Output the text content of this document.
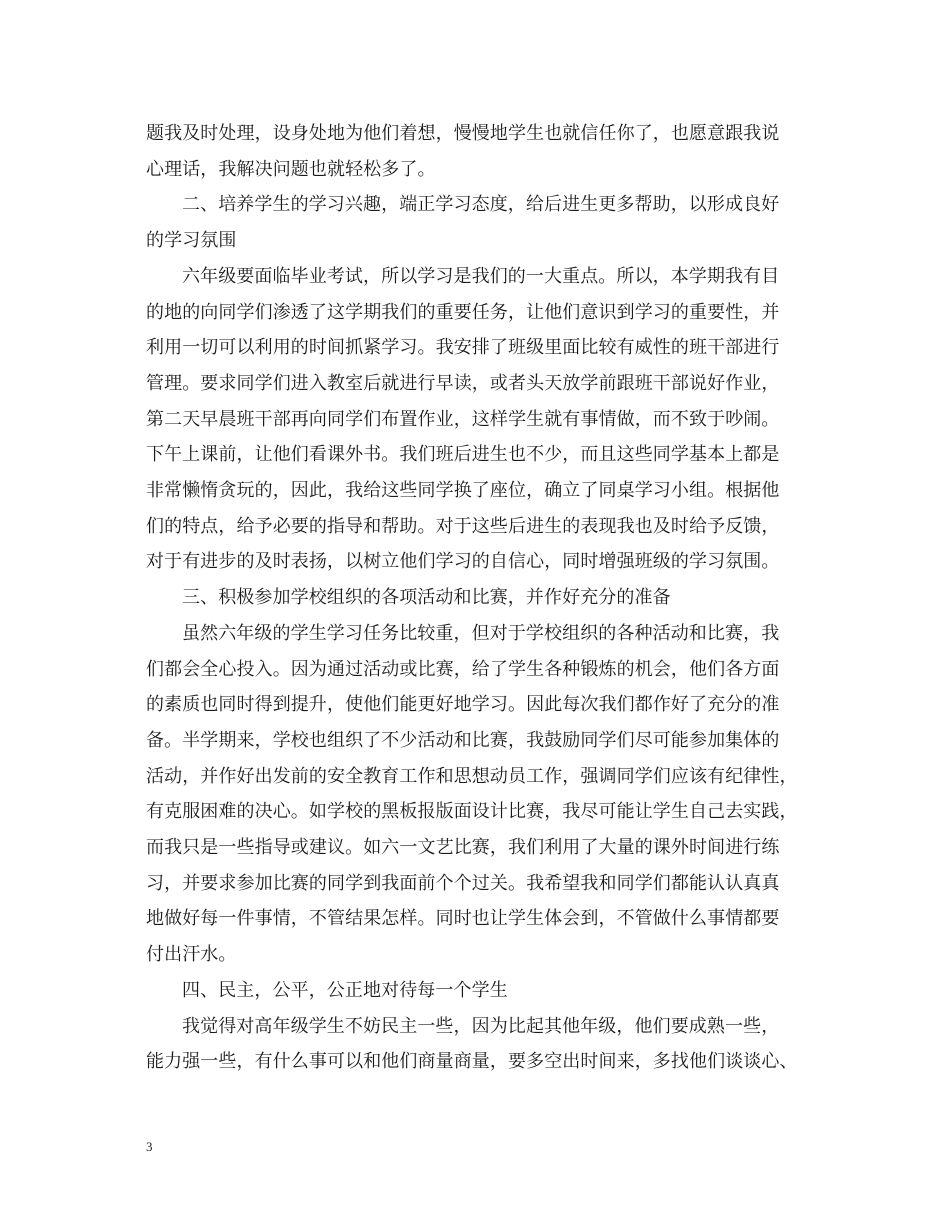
题我及时处理，设身处地为他们着想，慢慢地学生也就信任你了，也愿意跟我说
心理话，我解决问题也就轻松多了。
二、培养学生的学习兴趣，端正学习态度，给后进生更多帮助，以形成良好
的学习氛围
六年级要面临毕业考试，所以学习是我们的一大重点。所以，本学期我有目
的地的向同学们渗透了这学期我们的重要任务，让他们意识到学习的重要性，并
利用一切可以利用的时间抓紧学习。我安排了班级里面比较有威性的班干部进行
管理。要求同学们进入教室后就进行早读，或者头天放学前跟班干部说好作业，
第二天早晨班干部再向同学们布置作业，这样学生就有事情做，而不致于吵闹。
下午上课前，让他们看课外书。我们班后进生也不少，而且这些同学基本上都是
非常懒惰贪玩的，因此，我给这些同学换了座位，确立了同桌学习小组。根据他
们的特点，给予必要的指导和帮助。对于这些后进生的表现我也及时给予反馈，
对于有进步的及时表扬，以树立他们学习的自信心，同时增强班级的学习氛围。
三、积极参加学校组织的各项活动和比赛，并作好充分的准备
虽然六年级的学生学习任务比较重，但对于学校组织的各种活动和比赛，我
们都会全心投入。因为通过活动或比赛，给了学生各种锻炼的机会，他们各方面
的素质也同时得到提升，使他们能更好地学习。因此每次我们都作好了充分的准
备。半学期来，学校也组织了不少活动和比赛，我鼓励同学们尽可能参加集体的
活动，并作好出发前的安全教育工作和思想动员工作，强调同学们应该有纪律性，
有克服困难的决心。如学校的黑板报版面设计比赛，我尽可能让学生自己去实践，
而我只是一些指导或建议。如六一文艺比赛，我们利用了大量的课外时间进行练
习，并要求参加比赛的同学到我面前个个过关。我希望我和同学们都能认认真真
地做好每一件事情，不管结果怎样。同时也让学生体会到，不管做什么事情都要
付出汗水。
四、民主，公平，公正地对待每一个学生
我觉得对高年级学生不妨民主一些，因为比起其他年级，他们要成熟一些，
能力强一些，有什么事可以和他们商量商量，要多空出时间来，多找他们谈谈心、
3
